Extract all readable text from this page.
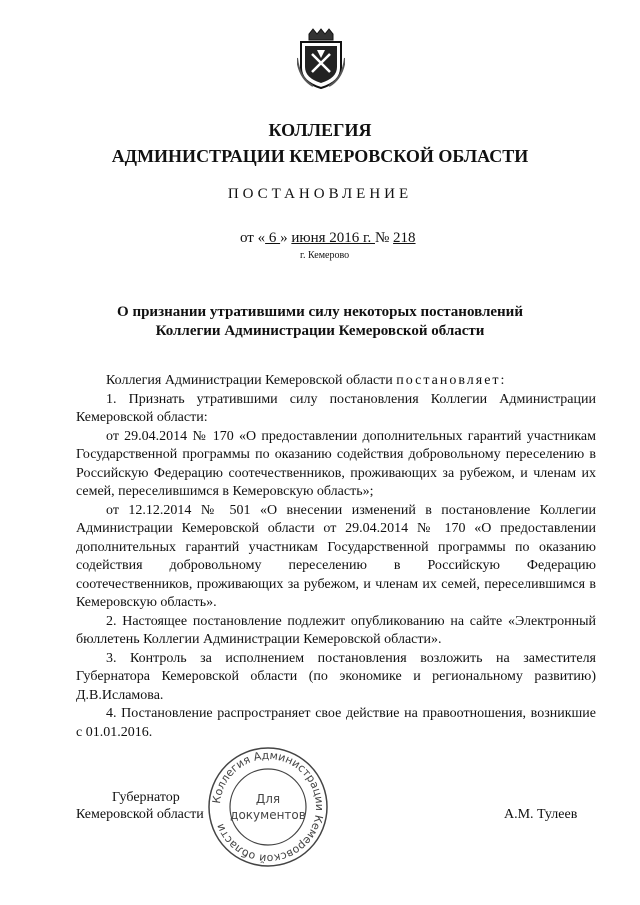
КОЛЛЕГИЯ
АДМИНИСТРАЦИИ КЕМЕРОВСКОЙ ОБЛАСТИ
ПОСТАНОВЛЕНИЕ
от « 6 » июня 2016 г. № 218
г. Кемерово
О признании утратившими силу некоторых постановлений
Коллегии Администрации Кемеровской области

Коллегия Администрации Кемеровской области постановляет:

1. Признать утратившими силу постановления Коллегии Администрации Кемеровской области:

от 29.04.2014 № 170 «О предоставлении дополнительных гарантий участникам Государственной программы по оказанию содействия добровольному переселению в Российскую Федерацию соотечественников, проживающих за рубежом, и членам их семей, переселившимся в Кемеровскую область»;

от 12.12.2014 № 501 «О внесении изменений в постановление Коллегии Администрации Кемеровской области от 29.04.2014 № 170 «О предоставлении дополнительных гарантий участникам Государственной программы по оказанию содействия добровольному переселению в Российскую Федерацию соотечественников, проживающих за рубежом, и членам их семей, переселившимся в Кемеровскую область».

2. Настоящее постановление подлежит опубликованию на сайте «Электронный бюллетень Коллегии Администрации Кемеровской области».

3. Контроль за исполнением постановления возложить на заместителя Губернатора Кемеровской области (по экономике и региональному развитию) Д.В.Исламова.

4. Постановление распространяет свое действие на правоотношения, возникшие с 01.01.2016.

Губернатор
Кемеровской области	А.М. Тулеев
Коллегия Администрации Кемеровской области
Для
документов
